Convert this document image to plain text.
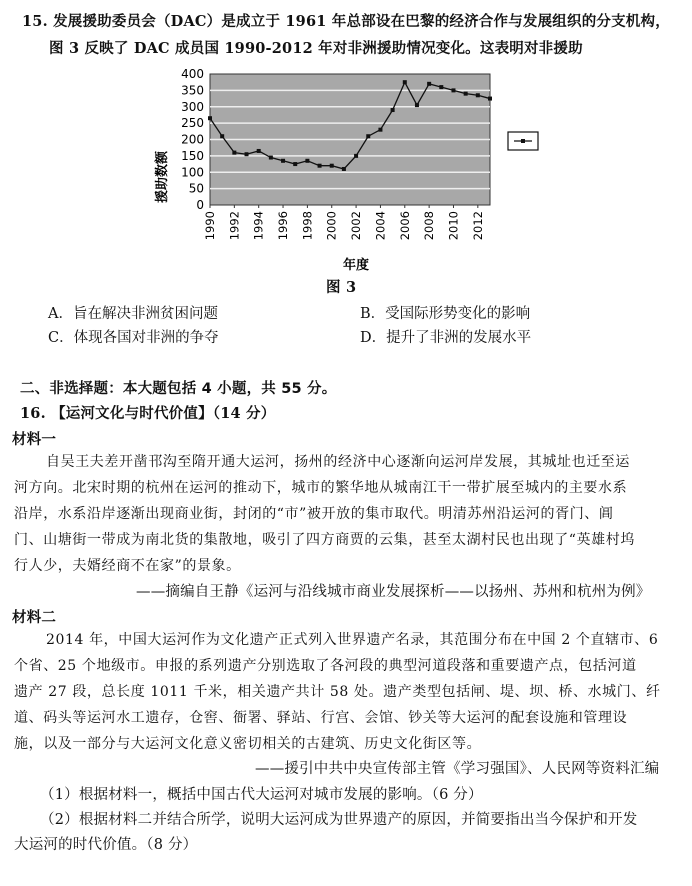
15. 发展援助委员会（DAC）是成立于 1961 年总部设在巴黎的经济合作与发展组织的分支机构，
图 3 反映了 DAC 成员国 1990-2012 年对非洲援助情况变化。这表明对非援助
援助数额
年度
0
50
100
150
200
250
300
350
400
1990 1992 1994 1996 1998 2000 2002 2004 2006 2008 2010 2012
图 3
A．旨在解决非洲贫困问题	B．受国际形势变化的影响
C．体现各国对非洲的争夺	D．提升了非洲的发展水平
二、非选择题：本大题包括 4 小题，共 55 分。
16. 【运河文化与时代价值】（14 分）
材料一
自吴王夫差开凿邗沟至隋开通大运河，扬州的经济中心逐渐向运河岸发展，其城址也迁至运
河方向。北宋时期的杭州在运河的推动下，城市的繁华地从城南江干一带扩展至城内的主要水系
沿岸，水系沿岸逐渐出现商业街，封闭的“市”被开放的集市取代。明清苏州沿运河的胥门、阊
门、山塘街一带成为南北货的集散地，吸引了四方商贾的云集，甚至太湖村民也出现了“英雄村坞
行人少，夫婿经商不在家”的景象。
——摘编自王静《运河与沿线城市商业发展探析——以扬州、苏州和杭州为例》
材料二
2014 年，中国大运河作为文化遗产正式列入世界遗产名录，其范围分布在中国 2 个直辖市、6
个省、25 个地级市。申报的系列遗产分别选取了各河段的典型河道段落和重要遗产点，包括河道
遗产 27 段，总长度 1011 千米，相关遗产共计 58 处。遗产类型包括闸、堤、坝、桥、水城门、纤
道、码头等运河水工遗存，仓窖、衙署、驿站、行宫、会馆、钞关等大运河的配套设施和管理设
施，以及一部分与大运河文化意义密切相关的古建筑、历史文化街区等。
——援引中共中央宣传部主管《学习强国》、人民网等资料汇编
（1）根据材料一，概括中国古代大运河对城市发展的影响。（6 分）
（2）根据材料二并结合所学，说明大运河成为世界遗产的原因，并简要指出当今保护和开发
大运河的时代价值。（8 分）
